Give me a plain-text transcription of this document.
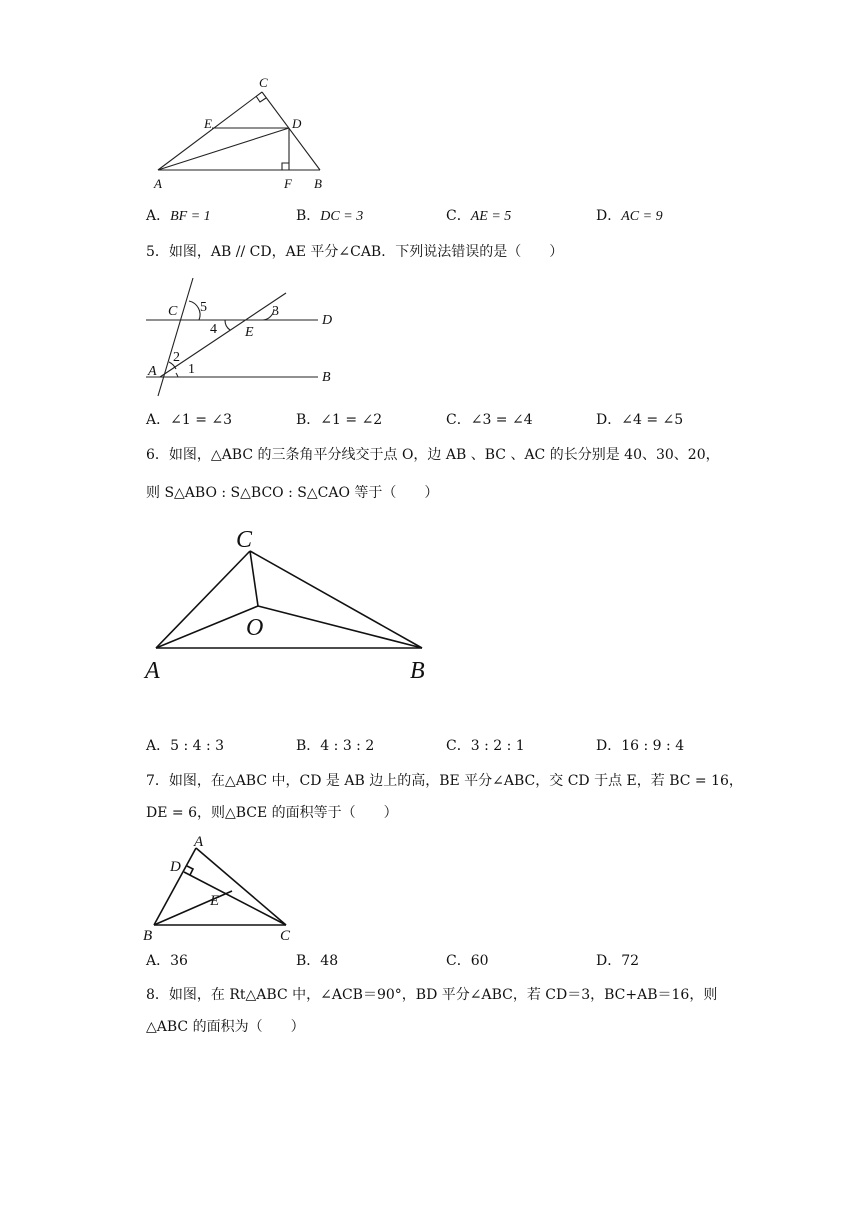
C
E	D
A	F B
A．BF = 1	B．DC = 3	C．AE = 5	D．AC = 9
5．如图，AB // CD，AE 平分∠CAB．下列说法错误的是（　　）
C 5	3
D
4 E
2
A 1
B
A．∠1 = ∠3	B．∠1 = ∠2	C．∠3 = ∠4	D．∠4 = ∠5
6．如图，△ABC 的三条角平分线交于点 O，边 AB 、BC 、AC 的长分别是 40、30、20，
则 S△ABO : S△BCO : S△CAO 等于（　　）
C
O
A	B
A．5 : 4 : 3	B．4 : 3 : 2	C．3 : 2 : 1	D．16 : 9 : 4
7．如图，在△ABC 中，CD 是 AB 边上的高，BE 平分∠ABC，交 CD 于点 E，若 BC = 16，
DE = 6，则△BCE 的面积等于（　　）
A
D
E
B	C
A．36	B．48	C．60	D．72
8．如图，在 Rt△ABC 中，∠ACB＝90°，BD 平分∠ABC，若 CD＝3，BC+AB＝16，则
△ABC 的面积为（　　）
